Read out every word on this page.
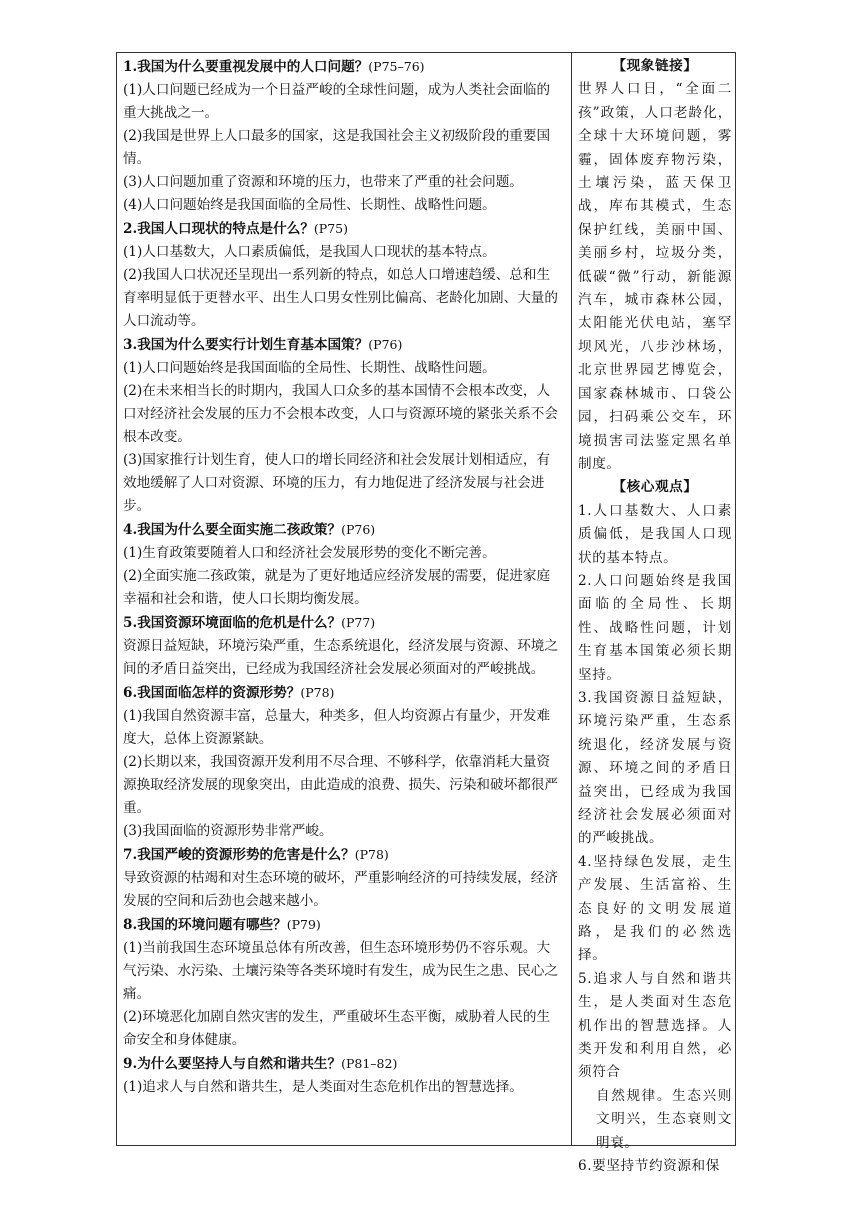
1.我国为什么要重视发展中的人口问题？(P75–76)

(1)人口问题已经成为一个日益严峻的全球性问题，成为人类社会面临的重大挑战之一。

(2)我国是世界上人口最多的国家，这是我国社会主义初级阶段的重要国情。

(3)人口问题加重了资源和环境的压力，也带来了严重的社会问题。

(4)人口问题始终是我国面临的全局性、长期性、战略性问题。

2.我国人口现状的特点是什么？(P75)

(1)人口基数大，人口素质偏低，是我国人口现状的基本特点。

(2)我国人口状况还呈现出一系列新的特点，如总人口增速趋缓、总和生育率明显低于更替水平、出生人口男女性别比偏高、老龄化加剧、大量的人口流动等。

3.我国为什么要实行计划生育基本国策？(P76)

(1)人口问题始终是我国面临的全局性、长期性、战略性问题。

(2)在未来相当长的时期内，我国人口众多的基本国情不会根本改变，人口对经济社会发展的压力不会根本改变，人口与资源环境的紧张关系不会根本改变。

(3)国家推行计划生育，使人口的增长同经济和社会发展计划相适应，有效地缓解了人口对资源、环境的压力，有力地促进了经济发展与社会进步。

4.我国为什么要全面实施二孩政策？(P76)

(1)生育政策要随着人口和经济社会发展形势的变化不断完善。

(2)全面实施二孩政策，就是为了更好地适应经济发展的需要，促进家庭幸福和社会和谐，使人口长期均衡发展。

5.我国资源环境面临的危机是什么？(P77)

资源日益短缺，环境污染严重，生态系统退化，经济发展与资源、环境之间的矛盾日益突出，已经成为我国经济社会发展必须面对的严峻挑战。

6.我国面临怎样的资源形势？(P78)

(1)我国自然资源丰富，总量大，种类多，但人均资源占有量少，开发难度大，总体上资源紧缺。

(2)长期以来，我国资源开发利用不尽合理、不够科学，依靠消耗大量资源换取经济发展的现象突出，由此造成的浪费、损失、污染和破坏都很严重。

(3)我国面临的资源形势非常严峻。

7.我国严峻的资源形势的危害是什么？(P78)

导致资源的枯竭和对生态环境的破坏，严重影响经济的可持续发展，经济发展的空间和后劲也会越来越小。

8.我国的环境问题有哪些？(P79)

(1)当前我国生态环境虽总体有所改善，但生态环境形势仍不容乐观。大气污染、水污染、土壤污染等各类环境时有发生，成为民生之患、民心之痛。

(2)环境恶化加剧自然灾害的发生，严重破坏生态平衡，威胁着人民的生命安全和身体健康。

9.为什么要坚持人与自然和谐共生？(P81–82)

(1)追求人与自然和谐共生，是人类面对生态危机作出的智慧选择。

【现象链接】

世界人口日，“全面二孩”政策，人口老龄化，全球十大环境问题，雾霾，固体废弃物污染，土壤污染，蓝天保卫战，库布其模式，生态保护红线，美丽中国、美丽乡村，垃圾分类，低碳“微”行动，新能源汽车，城市森林公园，太阳能光伏电站，塞罕坝风光，八步沙林场，北京世界园艺博览会，国家森林城市、口袋公园，扫码乘公交车，环境损害司法鉴定黑名单制度。

【核心观点】

1.人口基数大、人口素质偏低，是我国人口现状的基本特点。

2.人口问题始终是我国面临的全局性、长期性、战略性问题，计划生育基本国策必须长期坚持。

3.我国资源日益短缺，环境污染严重，生态系统退化，经济发展与资源、环境之间的矛盾日益突出，已经成为我国经济社会发展必须面对的严峻挑战。

4.坚持绿色发展，走生产发展、生活富裕、生态良好的文明发展道路，是我们的必然选择。

5.追求人与自然和谐共生，是人类面对生态危机作出的智慧选择。人类开发和利用自然，必须符合

自然规律。生态兴则文明兴，生态衰则文明衰。

6.要坚持节约资源和保
